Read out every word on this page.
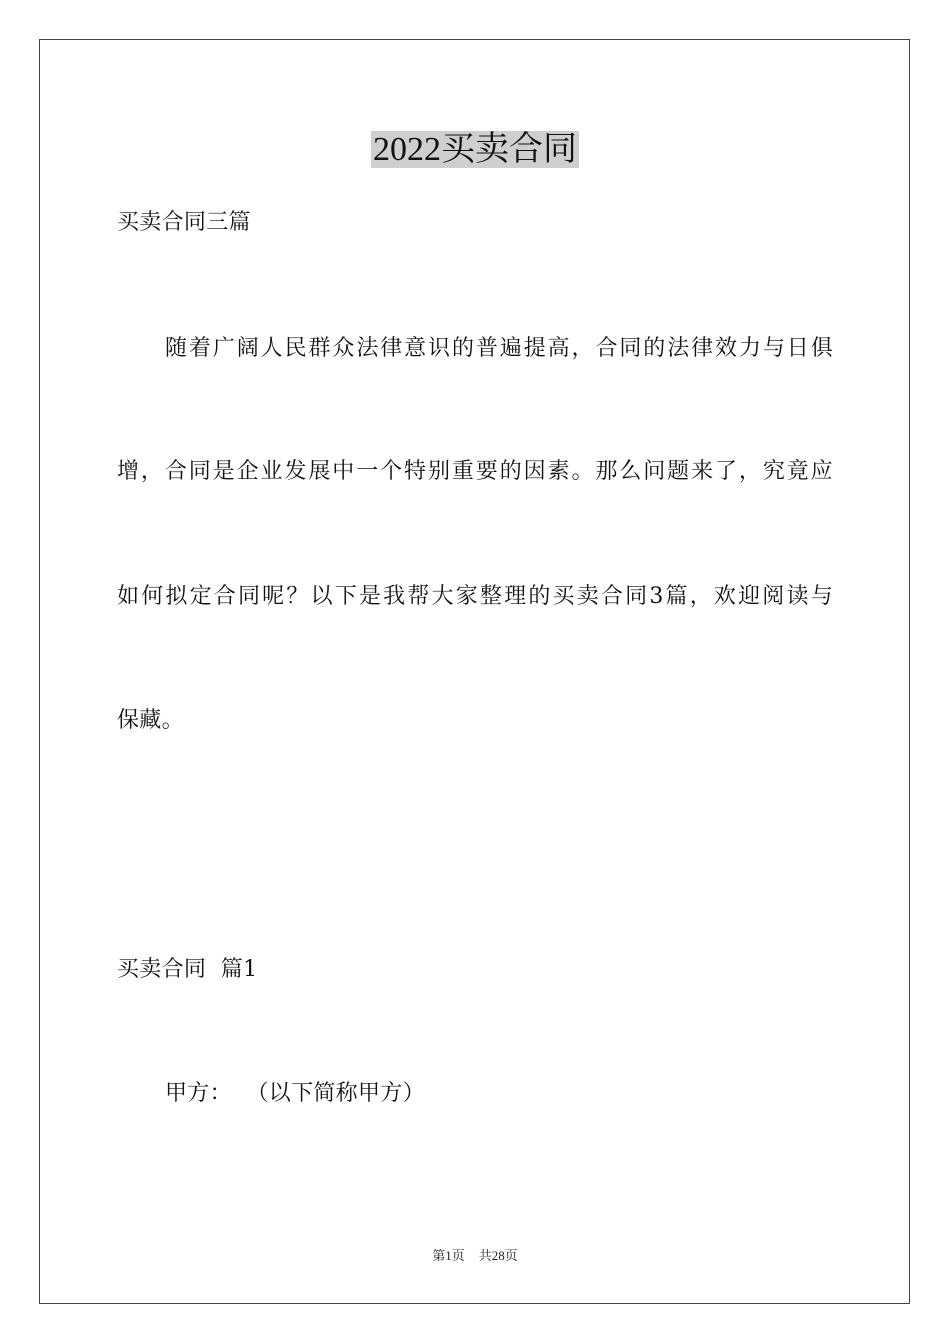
2022买卖合同
买卖合同三篇
随着广阔人民群众法律意识的普遍提高，合同的法律效力与日俱
增，合同是企业发展中一个特别重要的因素。那么问题来了，究竟应
如何拟定合同呢？以下是我帮大家整理的买卖合同3篇，欢迎阅读与
保藏。
买卖合同  篇1
甲方：  （以下简称甲方）
第1页 共28页
